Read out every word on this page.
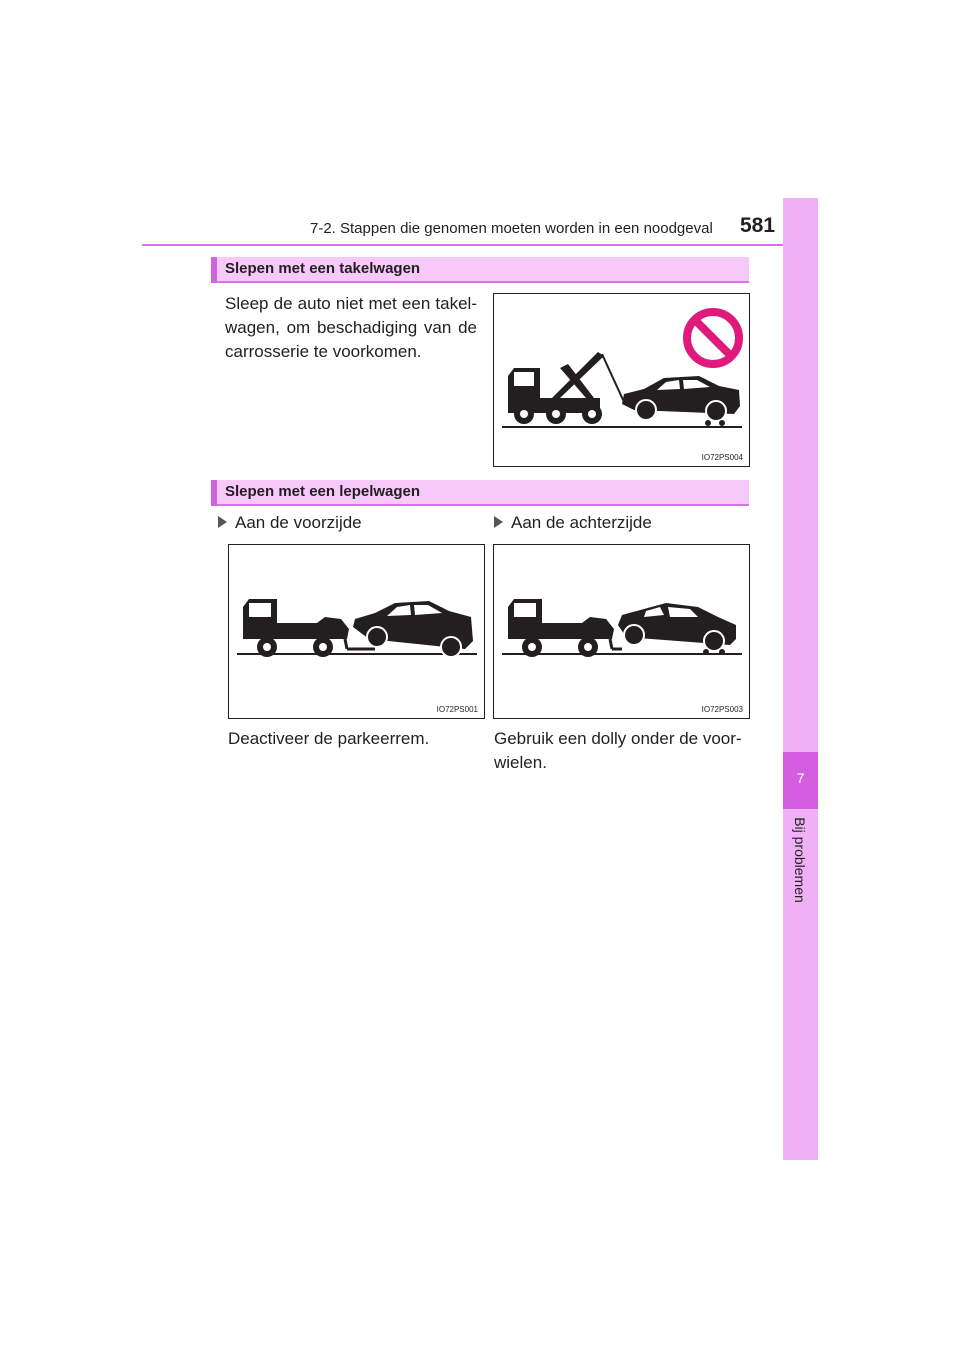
7-2. Stappen die genomen moeten worden in een noodgeval 581
7
Bij problemen
Slepen met een takelwagen
Sleep de auto niet met een takel-wagen, om beschadiging van de carrosserie te voorkomen.
IO72PS004
Slepen met een lepelwagen
Aan de voorzijde	Aan de achterzijde
IO72PS001	IO72PS003
Deactiveer de parkeerrem.	Gebruik een dolly onder de voor-wielen.
